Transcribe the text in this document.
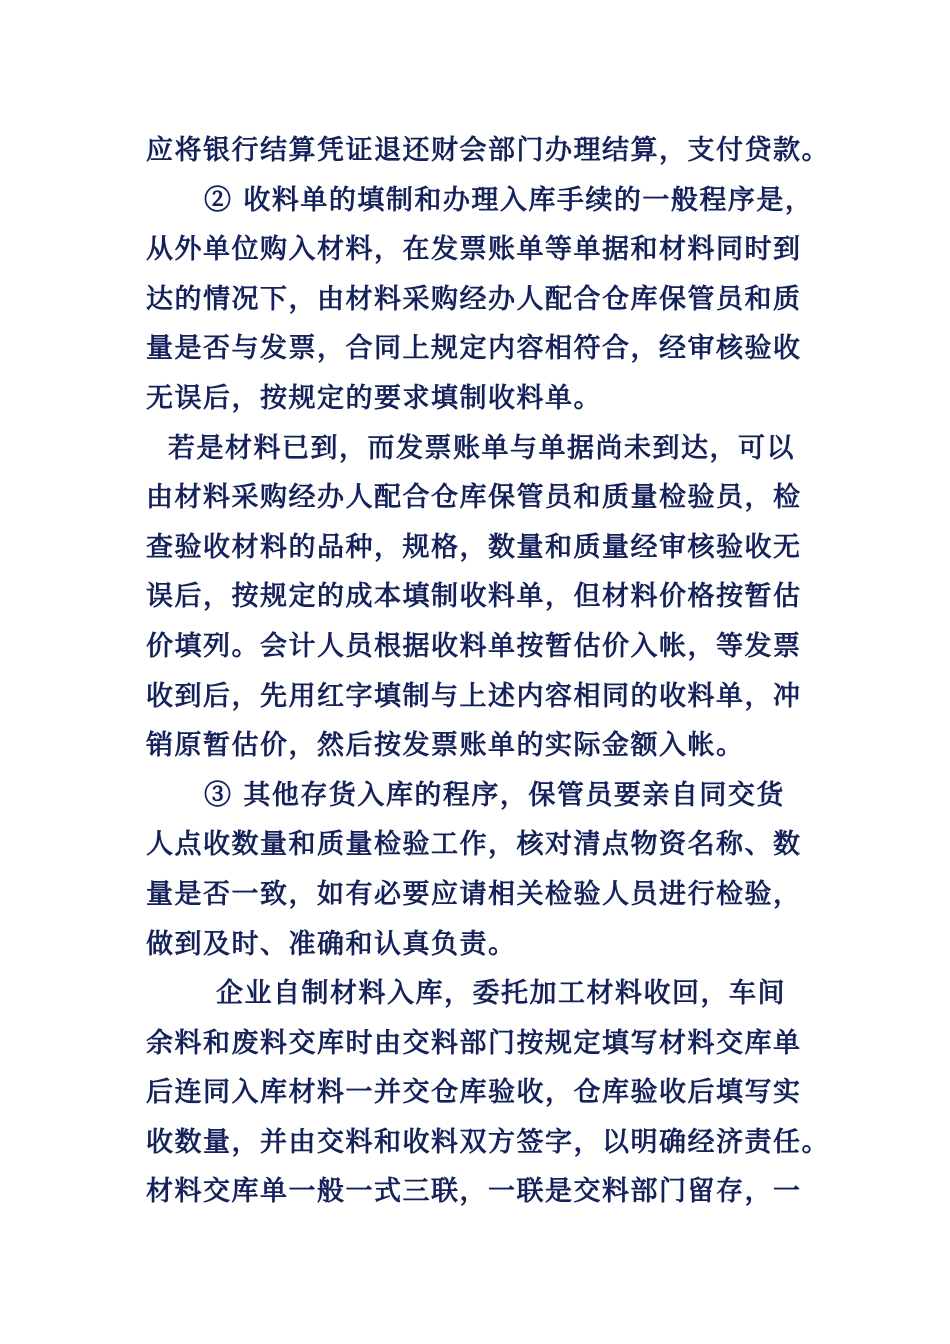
应将银行结算凭证退还财会部门办理结算，支付贷款。
② 收料单的填制和办理入库手续的一般程序是，
从外单位购入材料，在发票账单等单据和材料同时到
达的情况下，由材料采购经办人配合仓库保管员和质
量是否与发票，合同上规定内容相符合，经审核验收
无误后，按规定的要求填制收料单。
若是材料已到，而发票账单与单据尚未到达，可以
由材料采购经办人配合仓库保管员和质量检验员，检
查验收材料的品种，规格，数量和质量经审核验收无
误后，按规定的成本填制收料单，但材料价格按暂估
价填列。会计人员根据收料单按暂估价入帐，等发票
收到后，先用红字填制与上述内容相同的收料单，冲
销原暂估价，然后按发票账单的实际金额入帐。
③ 其他存货入库的程序，保管员要亲自同交货
人点收数量和质量检验工作，核对清点物资名称、数
量是否一致，如有必要应请相关检验人员进行检验，
做到及时、准确和认真负责。
企业自制材料入库，委托加工材料收回，车间
余料和废料交库时由交料部门按规定填写材料交库单
后连同入库材料一并交仓库验收，仓库验收后填写实
收数量，并由交料和收料双方签字，以明确经济责任。
材料交库单一般一式三联，一联是交料部门留存，一
